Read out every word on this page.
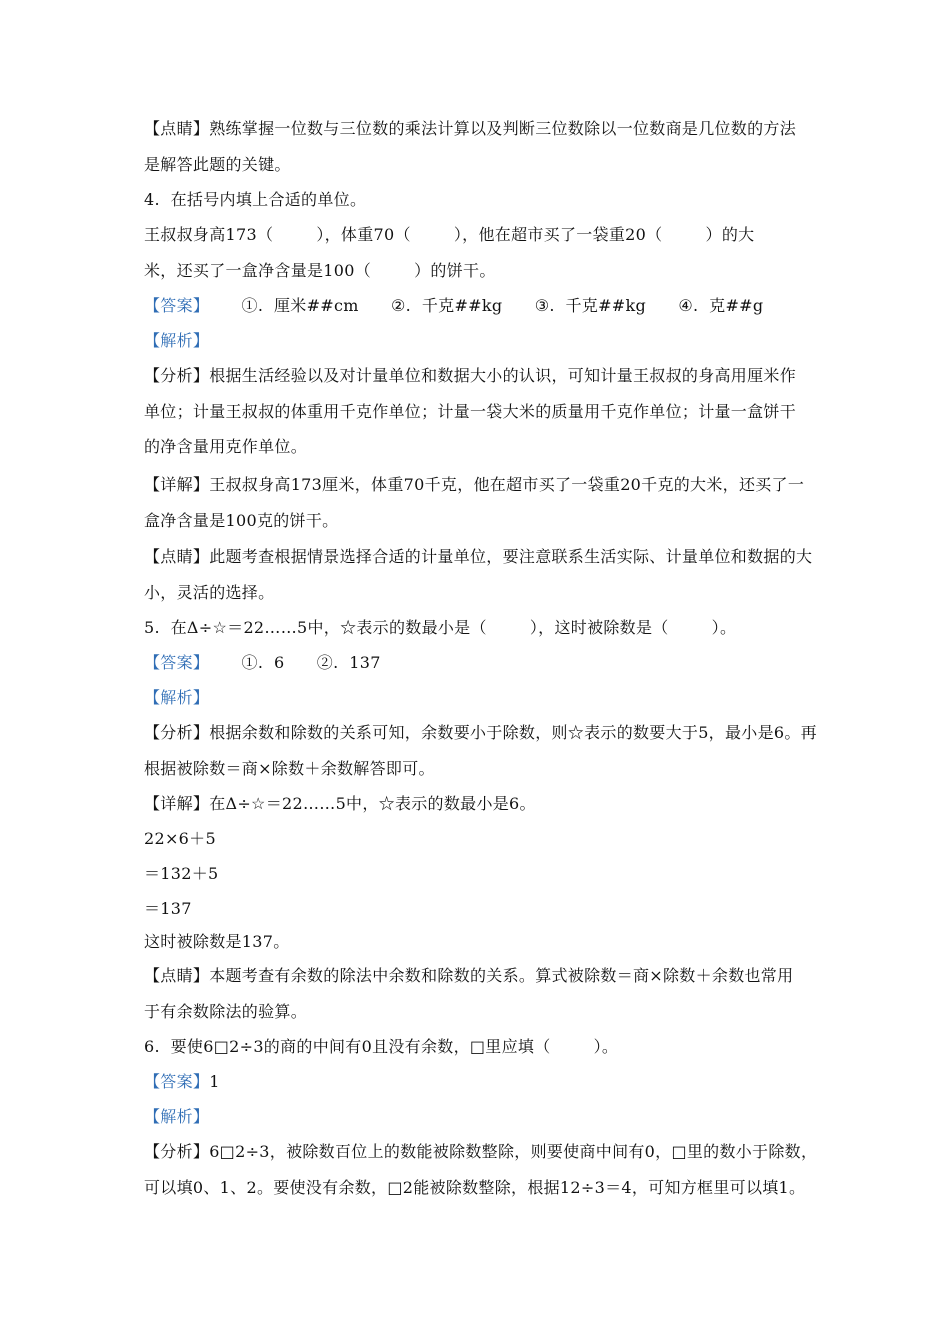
【点睛】熟练掌握一位数与三位数的乘法计算以及判断三位数除以一位数商是几位数的方法
是解答此题的关键。
4.  在括号内填上合适的单位。
王叔叔身高173（        ），体重70（        ），他在超市买了一袋重20（        ）的大
米，还买了一盒净含量是100（        ）的饼干。
【答案】      ①.  厘米##cm      ②.  千克##kg      ③.  千克##kg      ④.  克##g
【解析】
【分析】根据生活经验以及对计量单位和数据大小的认识，可知计量王叔叔的身高用厘米作
单位；计量王叔叔的体重用千克作单位；计量一袋大米的质量用千克作单位；计量一盒饼干
的净含量用克作单位。
【详解】王叔叔身高173厘米，体重70千克，他在超市买了一袋重20千克的大米，还买了一
盒净含量是100克的饼干。
【点睛】此题考查根据情景选择合适的计量单位，要注意联系生活实际、计量单位和数据的大
小，灵活的选择。
5.  在Δ÷☆＝22……5中，☆表示的数最小是（        ），这时被除数是（        ）。
【答案】      ①.  6      ②.  137
【解析】
【分析】根据余数和除数的关系可知，余数要小于除数，则☆表示的数要大于5，最小是6。再
根据被除数＝商×除数＋余数解答即可。
【详解】在Δ÷☆＝22……5中，☆表示的数最小是6。
22×6＋5
＝132＋5
＝137
这时被除数是137。
【点睛】本题考查有余数的除法中余数和除数的关系。算式被除数＝商×除数＋余数也常用
于有余数除法的验算。
6.  要使6□2÷3的商的中间有0且没有余数，□里应填（        ）。
【答案】1
【解析】
【分析】6□2÷3，被除数百位上的数能被除数整除，则要使商中间有0，□里的数小于除数，
可以填0、1、2。要使没有余数，□2能被除数整除，根据12÷3＝4，可知方框里可以填1。
